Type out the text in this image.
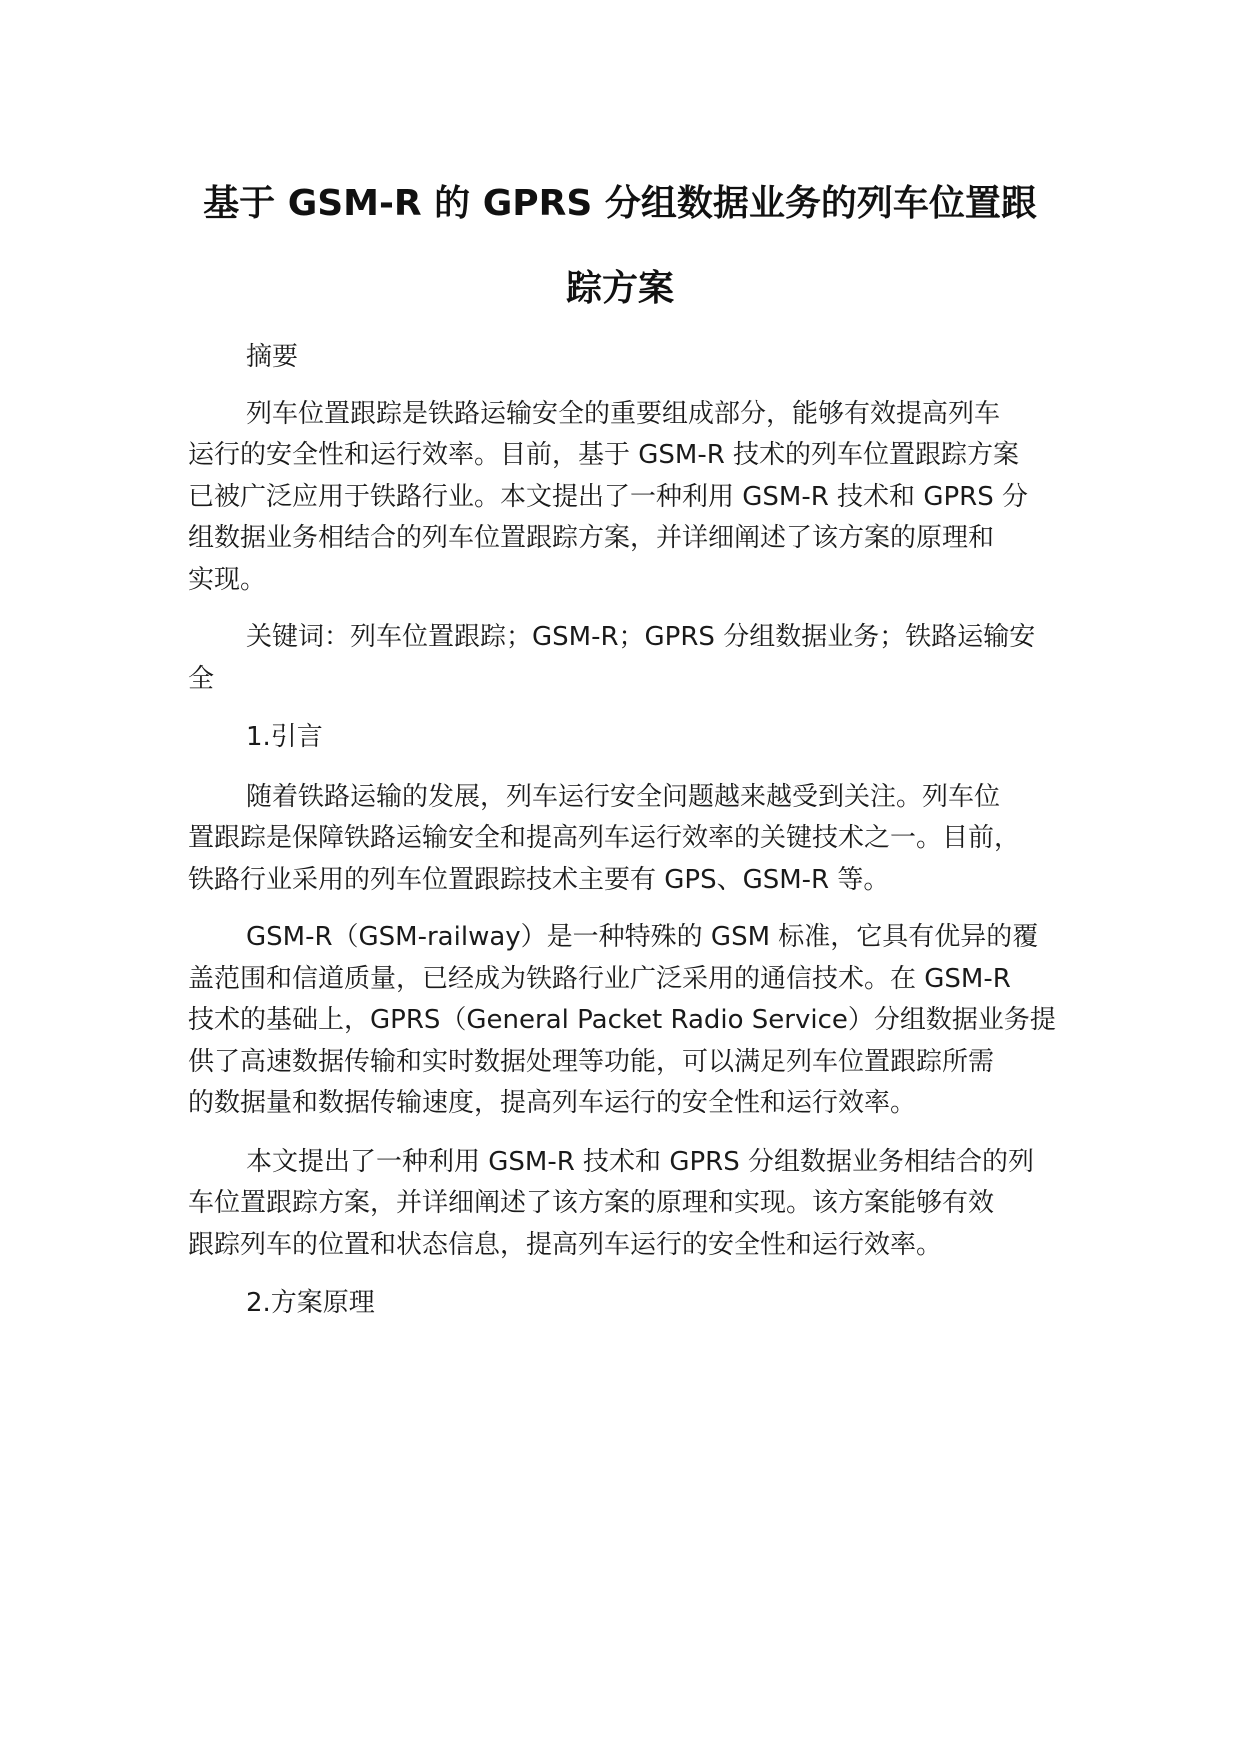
基于 GSM-R 的 GPRS 分组数据业务的列车位置跟
踪方案
摘要
列车位置跟踪是铁路运输安全的重要组成部分，能够有效提高列车
运行的安全性和运行效率。目前，基于 GSM-R 技术的列车位置跟踪方案
已被广泛应用于铁路行业。本文提出了一种利用 GSM-R 技术和 GPRS 分
组数据业务相结合的列车位置跟踪方案，并详细阐述了该方案的原理和
实现。
关键词：列车位置跟踪；GSM-R；GPRS 分组数据业务；铁路运输安
全
1.引言
随着铁路运输的发展，列车运行安全问题越来越受到关注。列车位
置跟踪是保障铁路运输安全和提高列车运行效率的关键技术之一。目前，
铁路行业采用的列车位置跟踪技术主要有 GPS、GSM-R 等。
GSM-R（GSM-railway）是一种特殊的 GSM 标准，它具有优异的覆
盖范围和信道质量，已经成为铁路行业广泛采用的通信技术。在 GSM-R
技术的基础上，GPRS（General Packet Radio Service）分组数据业务提
供了高速数据传输和实时数据处理等功能，可以满足列车位置跟踪所需
的数据量和数据传输速度，提高列车运行的安全性和运行效率。
本文提出了一种利用 GSM-R 技术和 GPRS 分组数据业务相结合的列
车位置跟踪方案，并详细阐述了该方案的原理和实现。该方案能够有效
跟踪列车的位置和状态信息，提高列车运行的安全性和运行效率。
2.方案原理
